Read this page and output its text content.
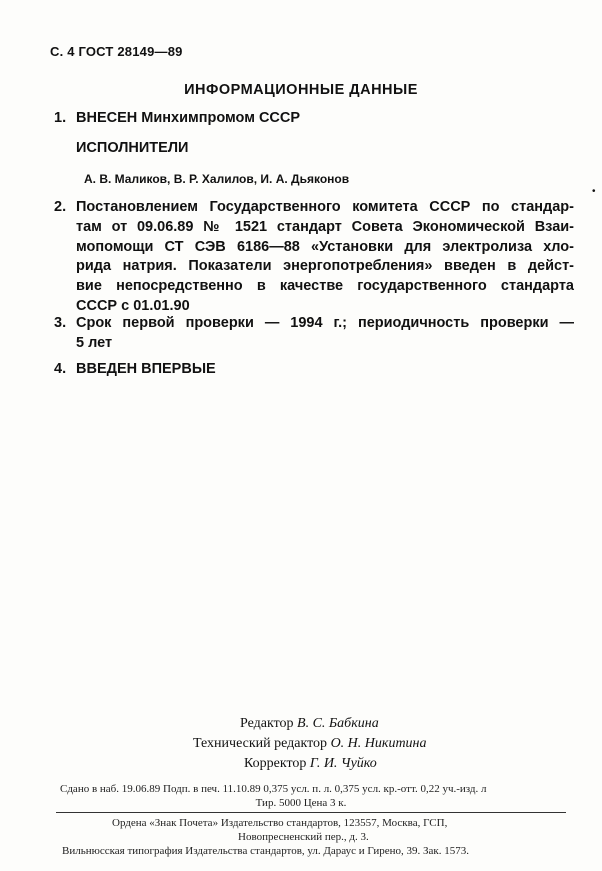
С. 4 ГОСТ 28149—89
ИНФОРМАЦИОННЫЕ ДАННЫЕ
1. ВНЕСЕН Минхимпромом СССР
ИСПОЛНИТЕЛИ
А. В. Маликов, В. Р. Халилов, И. А. Дьяконов
•
2. Постановлением Государственного комитета СССР по стандар-
там от 09.06.89 № 1521 стандарт Совета Экономической Взаи-
мопомощи СТ СЭВ 6186—88 «Установки для электролиза хло-
рида натрия. Показатели энергопотребления» введен в дейст-
вие непосредственно в качестве государственного стандарта
СССР с 01.01.90
3. Срок первой проверки — 1994 г.; периодичность проверки —
5 лет
4. ВВЕДЕН ВПЕРВЫЕ
Редактор В. С. Бабкина
Технический редактор О. Н. Никитина
Корректор Г. И. Чуйко
Сдано в наб. 19.06.89 Подп. в печ. 11.10.89 0,375 усл. п. л. 0,375 усл. кр.-отт. 0,22 уч.-изд. л
Тир. 5000 Цена 3 к.
Ордена «Знак Почета» Издательство стандартов, 123557, Москва, ГСП,
Новопресненский пер., д. 3.
Вильнюсская типография Издательства стандартов, ул. Дарауc и Гирено, 39. Зак. 1573.
